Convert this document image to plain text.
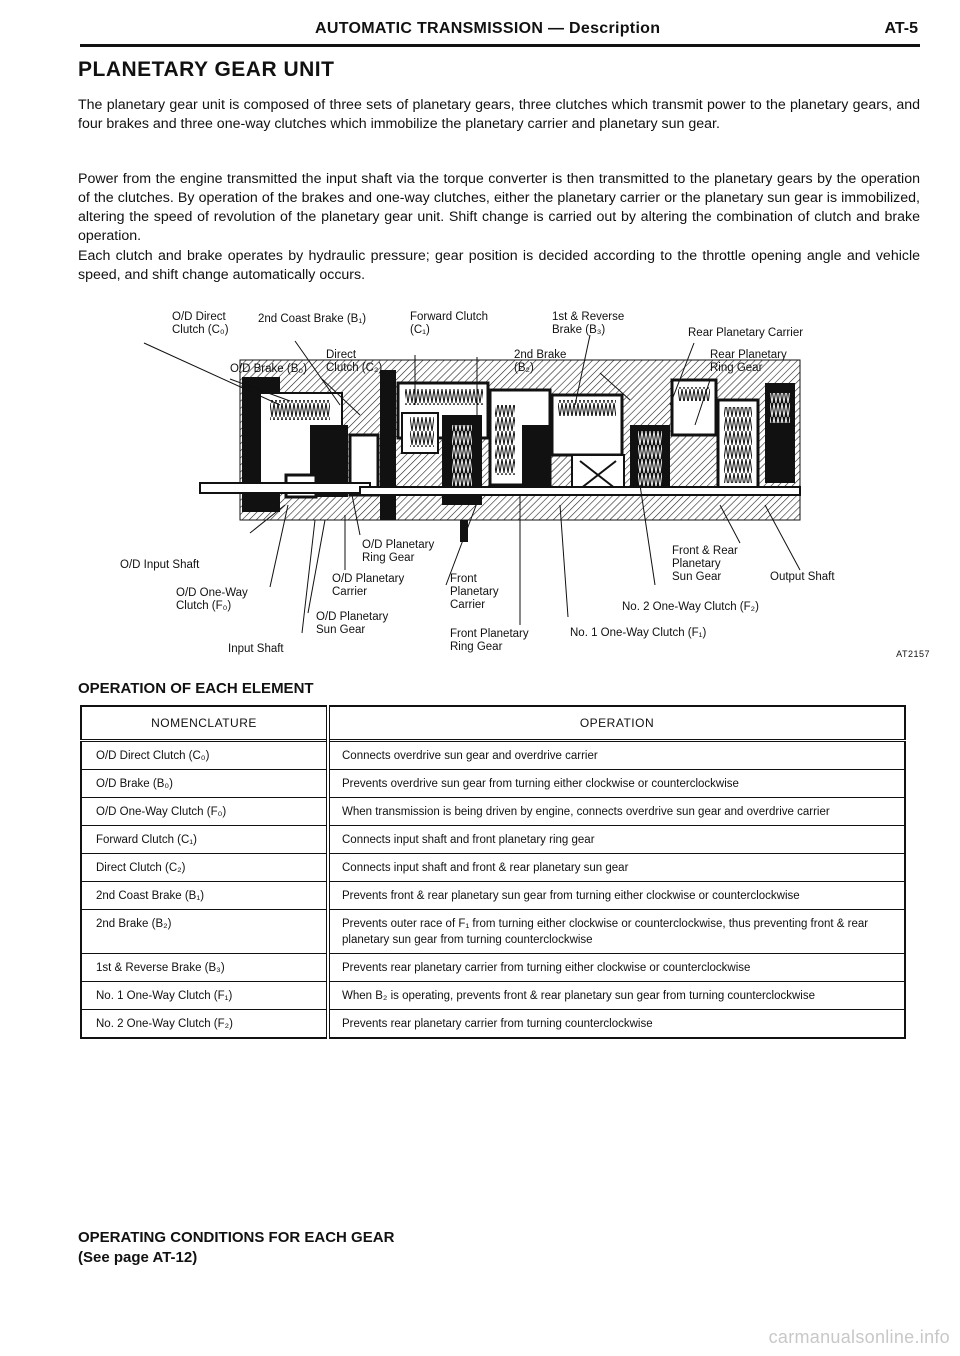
AUTOMATIC TRANSMISSION — Description	AT-5
PLANETARY GEAR UNIT

The planetary gear unit is composed of three sets of planetary gears, three clutches which transmit power to the planetary gears, and four brakes and three one-way clutches which immobilize the planetary carrier and planetary sun gear.

Power from the engine transmitted the input shaft via the torque converter is then transmitted to the planetary gears by the operation of the clutches. By operation of the brakes and one-way clutches, either the planetary carrier or the planetary sun gear is immobilized, altering the speed of revolution of the planetary gear unit. Shift change is carried out by altering the combination of clutch and brake operation.

Each clutch and brake operates by hydraulic pressure; gear position is decided according to the throttle opening angle and vehicle speed, and shift change automatically occurs.

O/D Direct
Clutch (C₀)
2nd Coast Brake (B₁)	Forward Clutch
(C₁)
1st & Reverse
Brake (B₃)	Rear Planetary Carrier
O/D Brake (B₀)
Direct
Clutch (C₂)
2nd Brake
(B₂)
Rear Planetary
Ring Gear
O/D Input Shaft
O/D Planetary
Ring Gear
O/D One-Way
Clutch (F₀)
O/D Planetary
Carrier
Front
Planetary
Carrier
O/D Planetary
Sun Gear
Input Shaft
Front Planetary
Ring Gear
Front & Rear
Planetary
Sun Gear	Output Shaft
No. 2 One-Way Clutch (F₂)
No. 1 One-Way Clutch (F₁)
AT2157
OPERATION OF EACH ELEMENT
NOMENCLATURE	OPERATION
O/D Direct Clutch (C₀)	Connects overdrive sun gear and overdrive carrier
O/D Brake (B₀)	Prevents overdrive sun gear from turning either clockwise or counterclockwise
O/D One-Way Clutch (F₀)	When transmission is being driven by engine, connects overdrive sun gear and overdrive carrier
Forward Clutch (C₁)	Connects input shaft and front planetary ring gear
Direct Clutch (C₂)	Connects input shaft and front & rear planetary sun gear
2nd Coast Brake (B₁)	Prevents front & rear planetary sun gear from turning either clockwise or counterclockwise
2nd Brake (B₂)	Prevents outer race of F₁ from turning either clockwise or counterclockwise, thus preventing front & rear planetary sun gear from turning counterclockwise
1st & Reverse Brake (B₃)	Prevents rear planetary carrier from turning either clockwise or counterclockwise
No. 1 One-Way Clutch (F₁)	When B₂ is operating, prevents front & rear planetary sun gear from turning counterclockwise
No. 2 One-Way Clutch (F₂)	Prevents rear planetary carrier from turning counterclockwise
OPERATING CONDITIONS FOR EACH GEAR
(See page AT-12)
carmanualsonline.info
